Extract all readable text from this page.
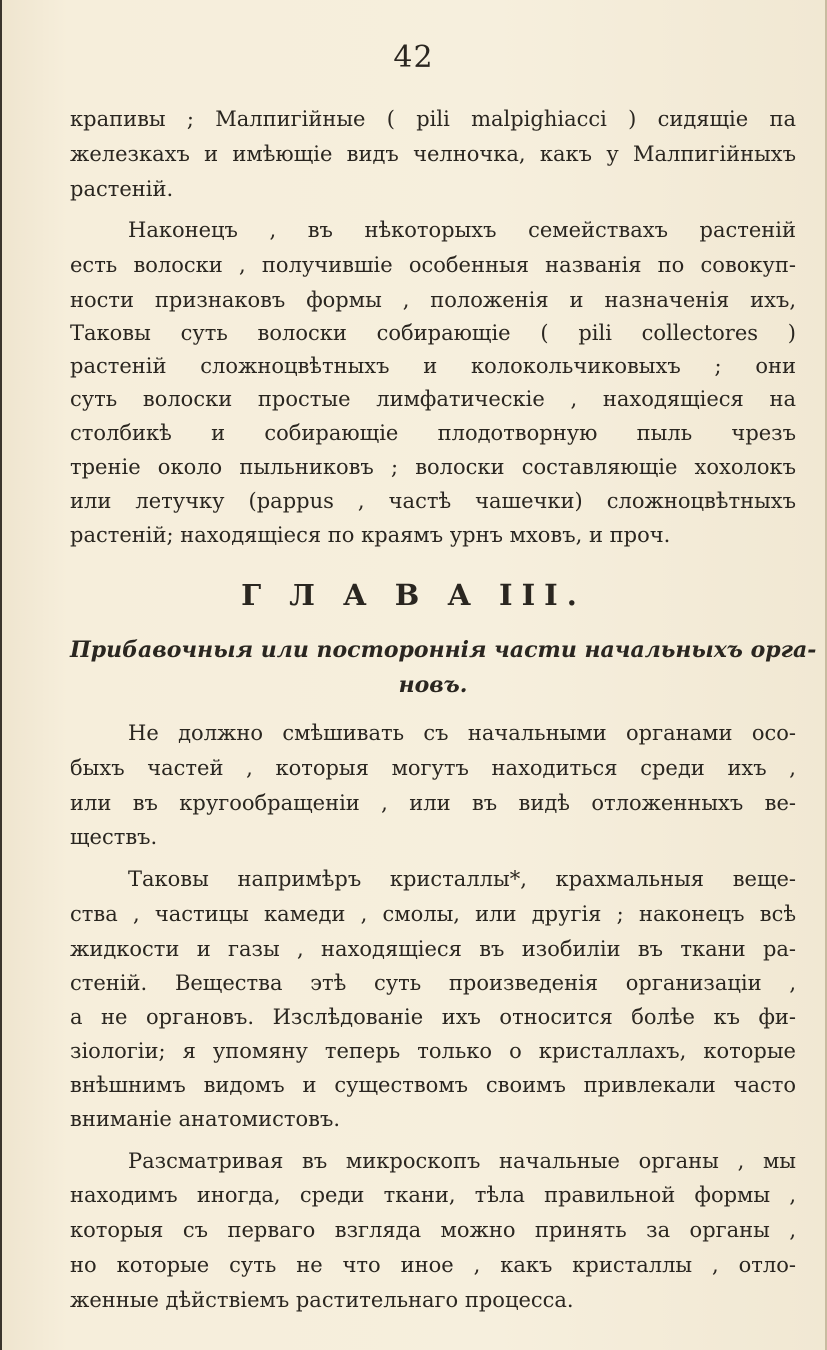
42
крапивы ; Малпигійные ( pili malpighiacci ) сидящіе па
железкахъ и имѣющіе видъ челночка, какъ у Малпигійныхъ
растеній.
Наконецъ , въ нѣкоторыхъ семействахъ растеній
есть волоски , получившіе особенныя названія по совокуп-
ности признаковъ формы , положенія и назначенія ихъ,
Таковы суть волоски собирающіе ( pili collectores )
растеній сложноцвѣтныхъ и колокольчиковыхъ ; они
суть волоски простые лимфатическіе , находящіеся на
столбикѣ и собирающіе плодотворную пыль чрезъ
треніе около пыльниковъ ; волоски составляющіе хохолокъ
или летучку (pappus , частѣ чашечки) сложноцвѣтныхъ
растеній; находящіеся по краямъ урнъ мховъ, и проч.
Г Л А В А III.
Прибавочныя или постороннія части начальныхъ орга-
новъ.
Не должно смѣшивать съ начальными органами осо-
быхъ частей , которыя могутъ находиться среди ихъ ,
или въ кругообращеніи , или въ видѣ отложенныхъ ве-
ществъ.
Таковы напримѣръ кристаллы*, крахмальныя веще-
ства , частицы камеди , смолы, или другія ; наконецъ всѣ
жидкости и газы , находящіеся въ изобиліи въ ткани ра-
стеній. Вещества этѣ суть произведенія организаціи ,
а не органовъ. Изслѣдованіе ихъ относится болѣе къ фи-
зіологіи; я упомяну теперь только о кристаллахъ, которые
внѣшнимъ видомъ и существомъ своимъ привлекали часто
вниманіе анатомистовъ.
Разсматривая въ микроскопъ начальные органы , мы
находимъ иногда, среди ткани, тѣла правильной формы ,
которыя съ перваго взгляда можно принять за органы ,
но которые суть не что иное , какъ кристаллы , отло-
женные дѣйствіемъ растительнаго процесса.
